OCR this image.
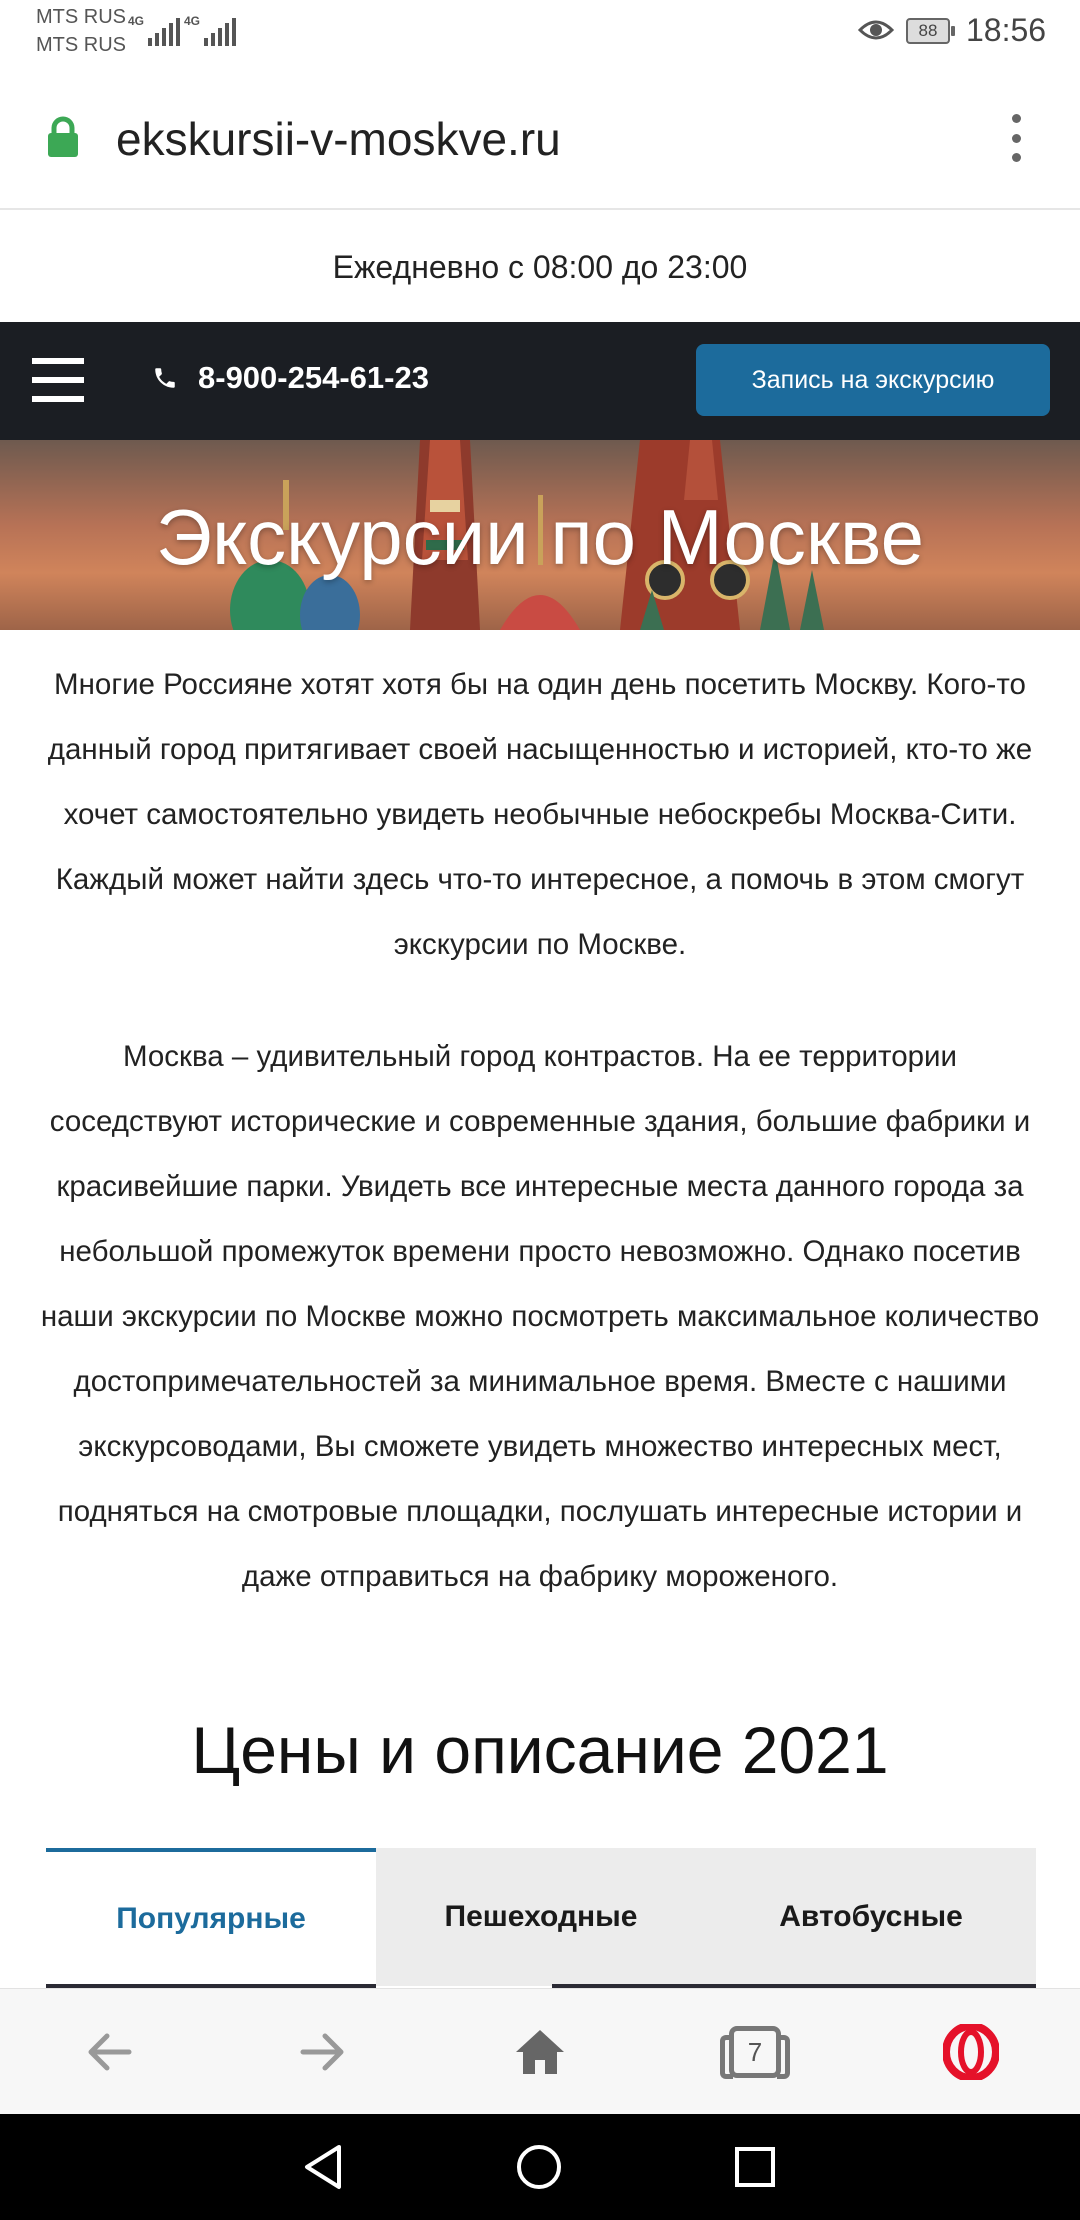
MTS RUS
MTS RUS
4G	4G	88 18:56
ekskursii-v-moskve.ru
Ежедневно с 08:00 до 23:00
8-900-254-61-23	Запись на экскурсию
Экскурсии по Москве

Многие Россияне хотят хотя бы на один день посетить Москву. Кого-то данный город притягивает своей насыщенностью и историей, кто-то же хочет самостоятельно увидеть необычные небоскребы Москва-Сити. Каждый может найти здесь что-то интересное, а помочь в этом смогут экскурсии по Москве.

Москва – удивительный город контрастов. На ее территории соседствуют исторические и современные здания, большие фабрики и красивейшие парки. Увидеть все интересные места данного города за небольшой промежуток времени просто невозможно. Однако посетив наши экскурсии по Москве можно посмотреть максимальное количество достопримечательностей за минимальное время. Вместе с нашими экскурсоводами, Вы сможете увидеть множество интересных мест, подняться на смотровые площадки, послушать интересные истории и даже отправиться на фабрику мороженого.

Цены и описание 2021
Популярные	Пешеходные	Автобусные
7
